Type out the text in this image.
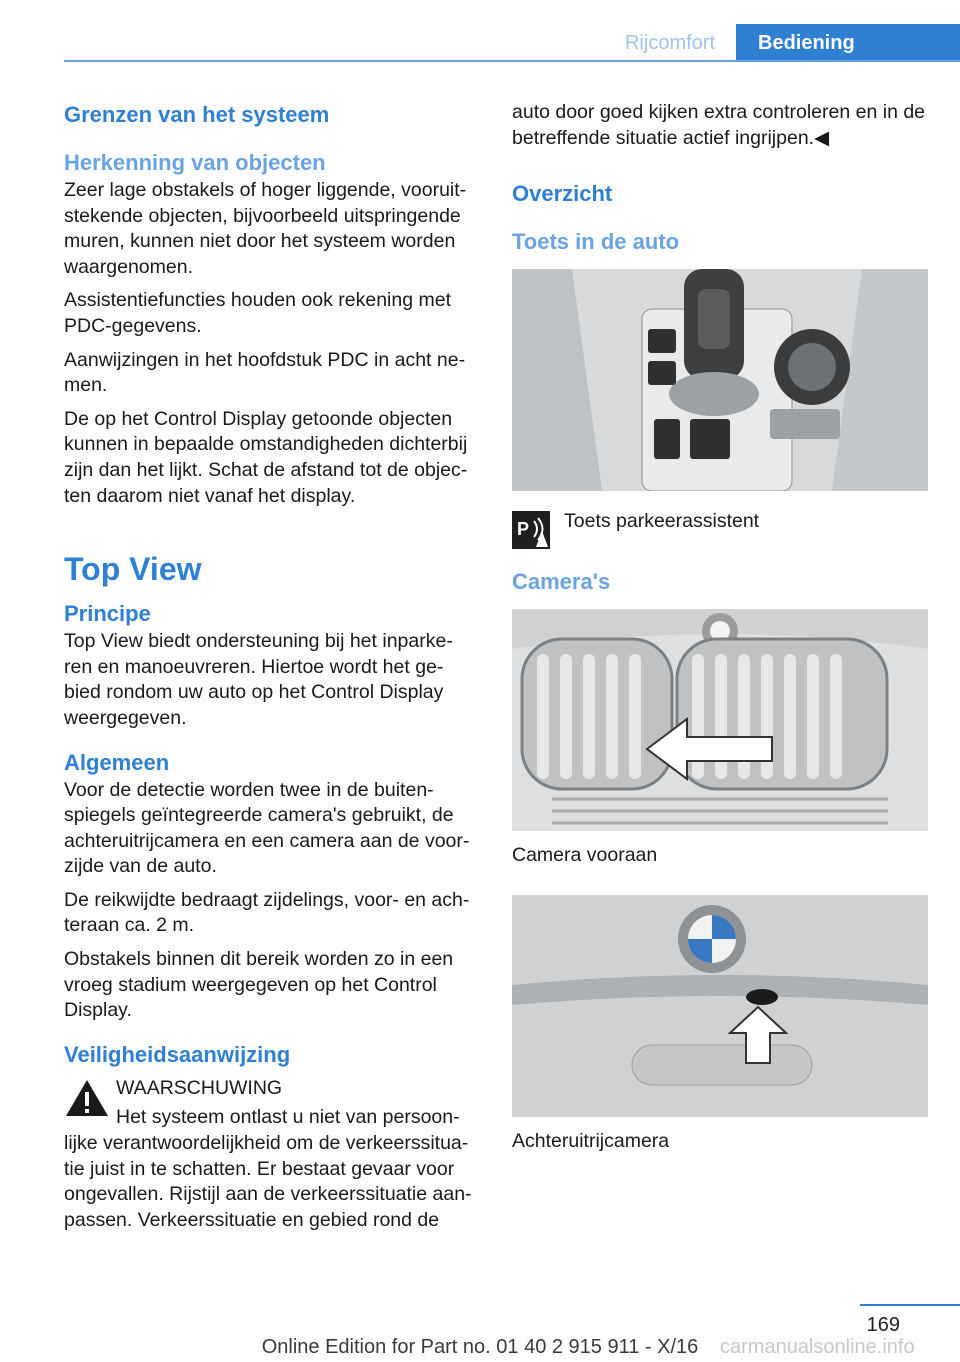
Rijcomfort	Bediening
Grenzen van het systeem
Herkenning van objecten

Zeer lage obstakels of hoger liggende, vooruit-stekende objecten, bijvoorbeeld uitspringende muren, kunnen niet door het systeem worden waargenomen.

Assistentiefuncties houden ook rekening met PDC-gegevens.

Aanwijzingen in het hoofdstuk PDC in acht ne-men.

De op het Control Display getoonde objecten kunnen in bepaalde omstandigheden dichterbij zijn dan het lijkt. Schat de afstand tot de objec-ten daarom niet vanaf het display.

Top View
Principe

Top View biedt ondersteuning bij het inparke-ren en manoeuvreren. Hiertoe wordt het ge-bied rondom uw auto op het Control Display weergegeven.

Algemeen

Voor de detectie worden twee in de buiten-spiegels geïntegreerde camera's gebruikt, de achteruitrijcamera en een camera aan de voor-zijde van de auto.

De reikwijdte bedraagt zijdelings, voor- en ach-teraan ca. 2 m.

Obstakels binnen dit bereik worden zo in een vroeg stadium weergegeven op het Control Display.

Veiligheidsaanwijzing

WAARSCHUWING

Het systeem ontlast u niet van persoon-lijke verantwoordelijkheid om de verkeerssitua-tie juist in te schatten. Er bestaat gevaar voor ongevallen. Rijstijl aan de verkeerssituatie aan-passen. Verkeerssituatie en gebied rond de

auto door goed kijken extra controleren en in de betreffende situatie actief ingrijpen.◀

Overzicht
Toets in de auto
P Toets parkeerassistent

Camera's

Camera vooraan

Achteruitrijcamera

169
Online Edition for Part no. 01 40 2 915 911 - X/16	carmanualsonline.info
